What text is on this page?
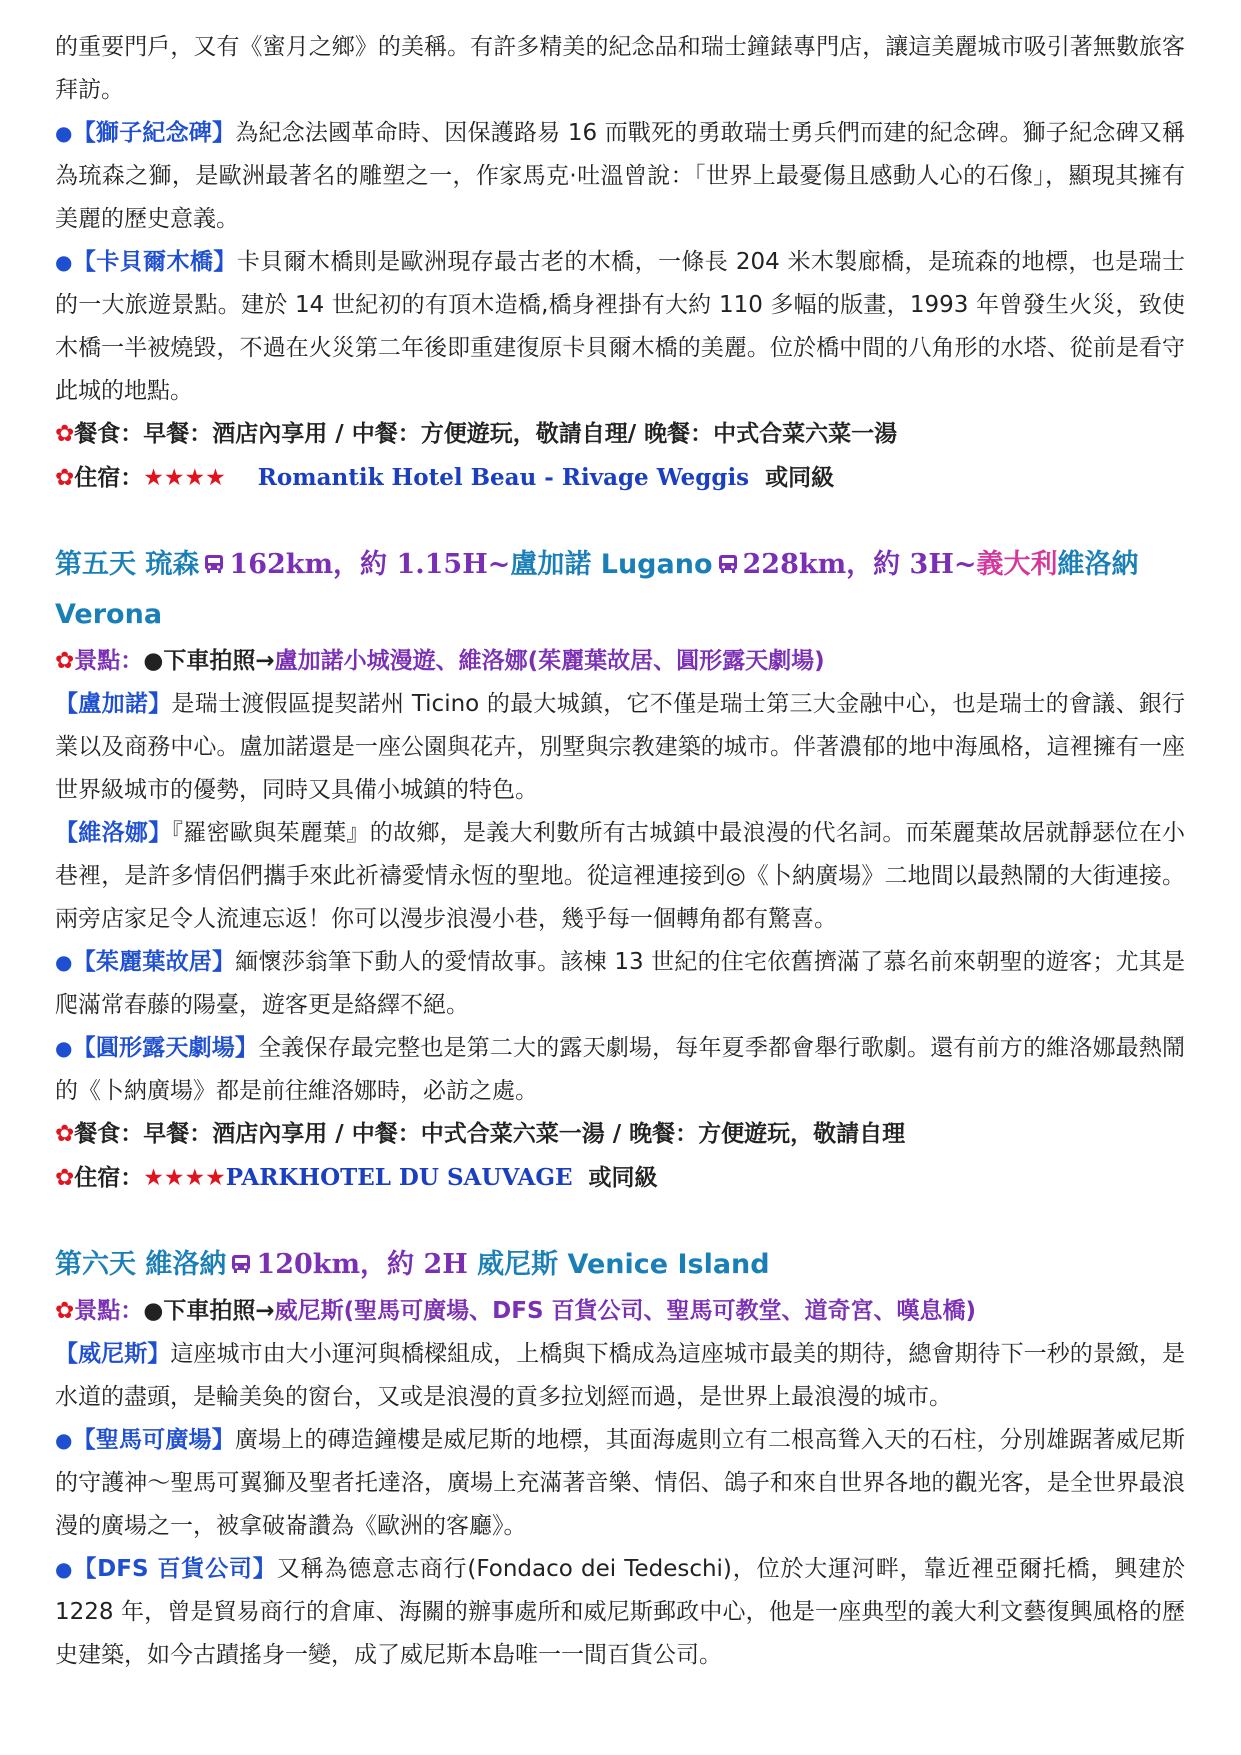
的重要門戶，又有《蜜月之鄉》的美稱。有許多精美的紀念品和瑞士鐘錶專門店，讓這美麗城市吸引著無數旅客拜訪。

●【獅子紀念碑】為紀念法國革命時、因保護路易 16 而戰死的勇敢瑞士勇兵們而建的紀念碑。獅子紀念碑又稱為琉森之獅，是歐洲最著名的雕塑之一，作家馬克·吐溫曾說：「世界上最憂傷且感動人心的石像」，顯現其擁有美麗的歷史意義。

●【卡貝爾木橋】卡貝爾木橋則是歐洲現存最古老的木橋，一條長 204 米木製廊橋，是琉森的地標，也是瑞士的一大旅遊景點。建於 14 世紀初的有頂木造橋,橋身裡掛有大約 110 多幅的版畫，1993 年曾發生火災，致使木橋一半被燒毀，不過在火災第二年後即重建復原卡貝爾木橋的美麗。位於橋中間的八角形的水塔、從前是看守此城的地點。

✿餐食：早餐：酒店內享用 / 中餐：方便遊玩，敬請自理/ 晚餐：中式合菜六菜一湯

✿住宿：★★★★ Romantik Hotel Beau - Rivage Weggis 或同級

第五天 琉森 162km，約 1.15H~盧加諾 Lugano 228km，約 3H~義大利維洛納
Verona

✿景點：●下車拍照→盧加諾小城漫遊、維洛娜(茱麗葉故居、圓形露天劇場)

【盧加諾】是瑞士渡假區提契諾州 Ticino 的最大城鎮，它不僅是瑞士第三大金融中心，也是瑞士的會議、銀行業以及商務中心。盧加諾還是一座公園與花卉，別墅與宗教建築的城市。伴著濃郁的地中海風格，這裡擁有一座世界級城市的優勢，同時又具備小城鎮的特色。

【維洛娜】『羅密歐與茱麗葉』的故鄉，是義大利數所有古城鎮中最浪漫的代名詞。而茱麗葉故居就靜瑟位在小巷裡，是許多情侶們攜手來此祈禱愛情永恆的聖地。從這裡連接到◎《卜納廣場》二地間以最熱鬧的大街連接。兩旁店家足令人流連忘返！你可以漫步浪漫小巷，幾乎每一個轉角都有驚喜。

●【茱麗葉故居】緬懷莎翁筆下動人的愛情故事。該棟 13 世紀的住宅依舊擠滿了慕名前來朝聖的遊客；尤其是爬滿常春藤的陽臺，遊客更是絡繹不絕。

●【圓形露天劇場】全義保存最完整也是第二大的露天劇場，每年夏季都會舉行歌劇。還有前方的維洛娜最熱鬧的《卜納廣場》都是前往維洛娜時，必訪之處。

✿餐食：早餐：酒店內享用 / 中餐：中式合菜六菜一湯 / 晚餐：方便遊玩，敬請自理

✿住宿：★★★★PARKHOTEL DU SAUVAGE 或同級

第六天 維洛納 120km，約 2H 威尼斯 Venice Island

✿景點：●下車拍照→威尼斯(聖馬可廣場、DFS 百貨公司、聖馬可教堂、道奇宮、嘆息橋)

【威尼斯】這座城市由大小運河與橋樑組成，上橋與下橋成為這座城市最美的期待，總會期待下一秒的景緻，是水道的盡頭，是輪美奐的窗台，又或是浪漫的貢多拉划經而過，是世界上最浪漫的城市。

●【聖馬可廣場】廣場上的磚造鐘樓是威尼斯的地標，其面海處則立有二根高聳入天的石柱，分別雄踞著威尼斯的守護神～聖馬可翼獅及聖者托達洛，廣場上充滿著音樂、情侶、鴿子和來自世界各地的觀光客，是全世界最浪漫的廣場之一，被拿破崙讚為《歐洲的客廳》。

●【DFS 百貨公司】又稱為德意志商行(Fondaco dei Tedeschi)，位於大運河畔，靠近裡亞爾托橋，興建於 1228 年，曾是貿易商行的倉庫、海關的辦事處所和威尼斯郵政中心，他是一座典型的義大利文藝復興風格的歷史建築，如今古蹟搖身一變，成了威尼斯本島唯一一間百貨公司。
